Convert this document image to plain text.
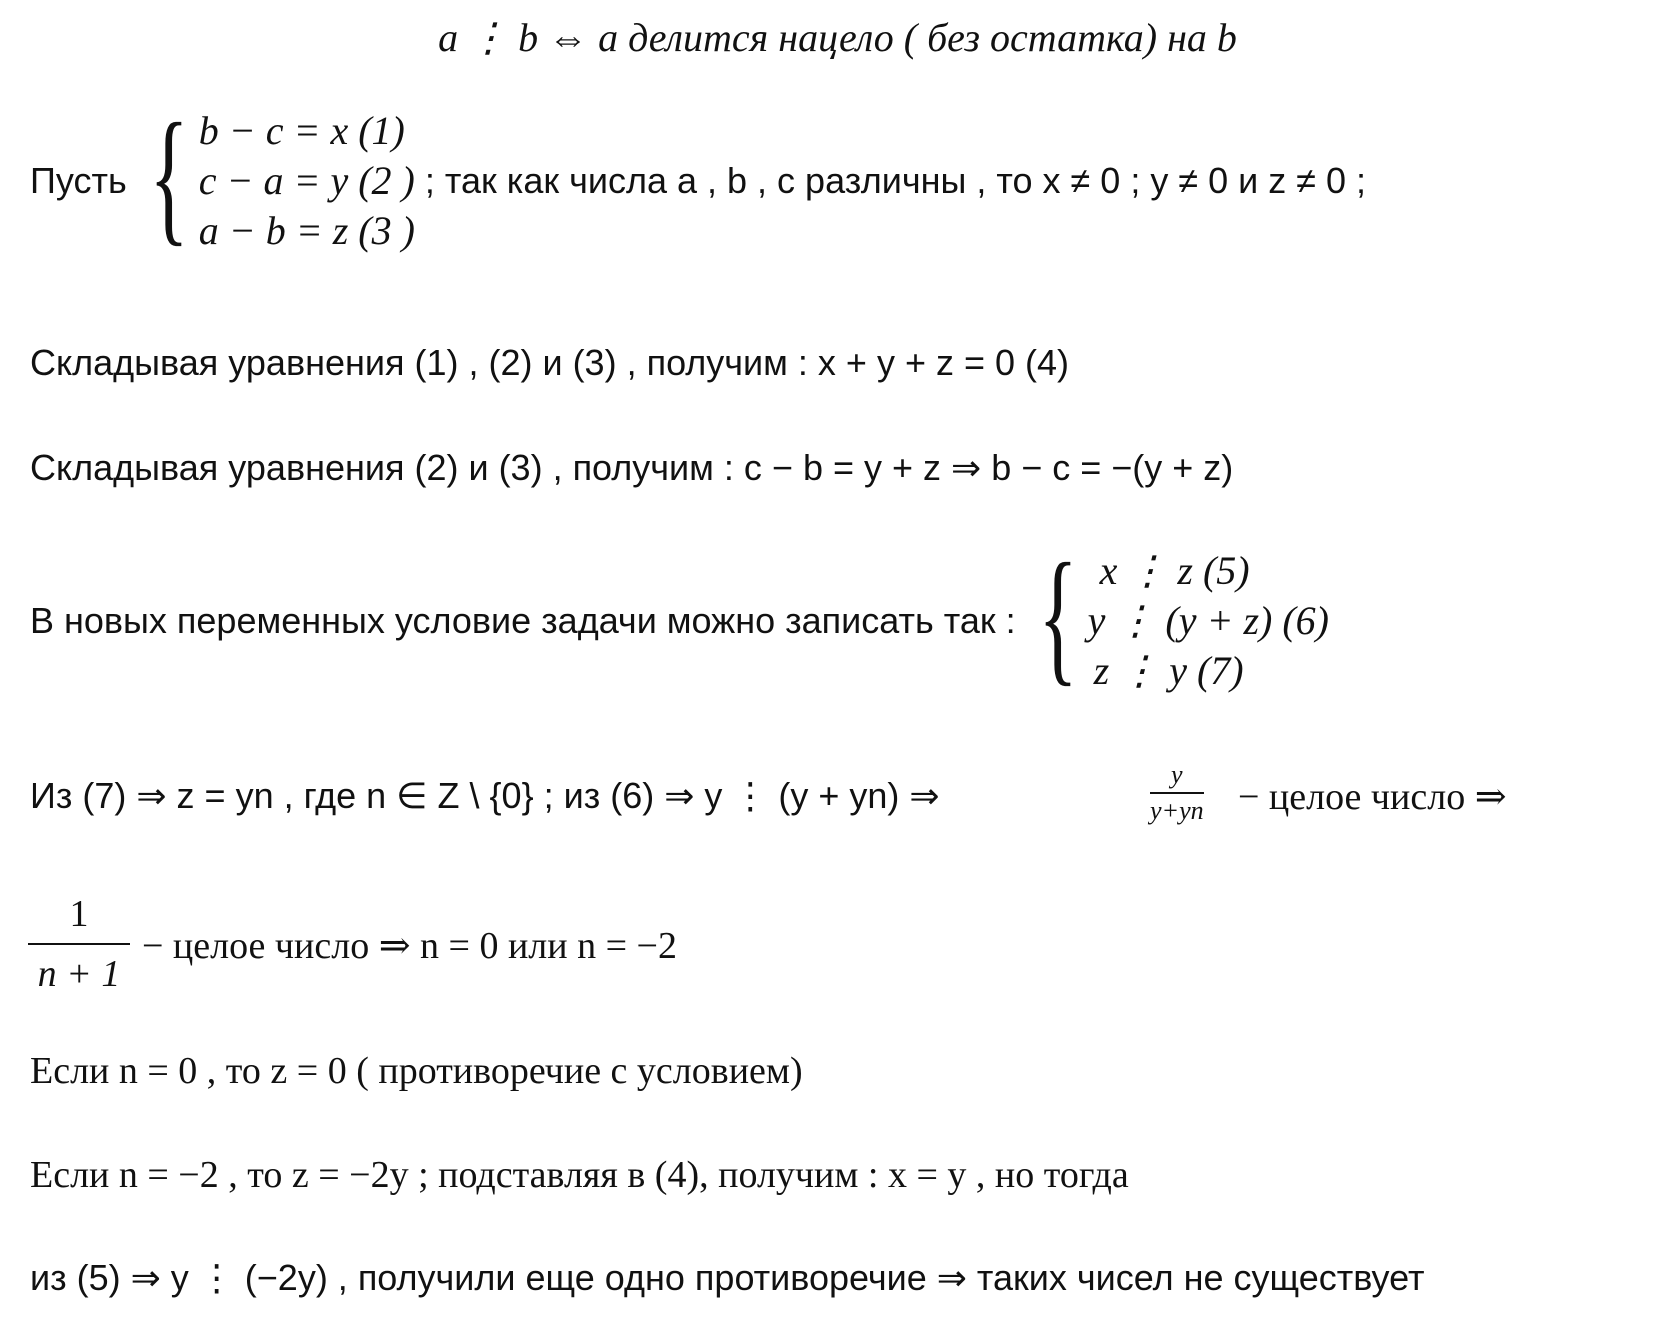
a ⋮ b ⇔ a делится нацело ( без остатка) на b
Пусть { b − c = x (1)
c − a = y (2 )
a − b = z (3 )
; так как числа a , b , c различны , то x ≠ 0 ; y ≠ 0 и z ≠ 0 ;
Складывая уравнения (1) , (2) и (3) , получим : x + y + z = 0 (4)
Складывая уравнения (2) и (3) , получим : c − b = y + z ⇒ b − c = −(y + z)
В новых переменных условие задачи можно записать так : { x ⋮ z (5)
y ⋮ (y + z) (6)
z ⋮ y (7)
Из (7) ⇒ z = yn , где n ∈ Z \ {0} ; из (6) ⇒ y ⋮ (y + yn) ⇒
y
y+yn − целое число ⇒
1
n + 1
− целое число ⇒ n = 0 или n = −2
Если n = 0 , то z = 0 ( противоречие с условием)
Если n = −2 , то z = −2y ; подставляя в (4), получим : x = y , но тогда
из (5) ⇒ y ⋮ (−2y) , получили еще одно противоречие ⇒ таких чисел не существует
